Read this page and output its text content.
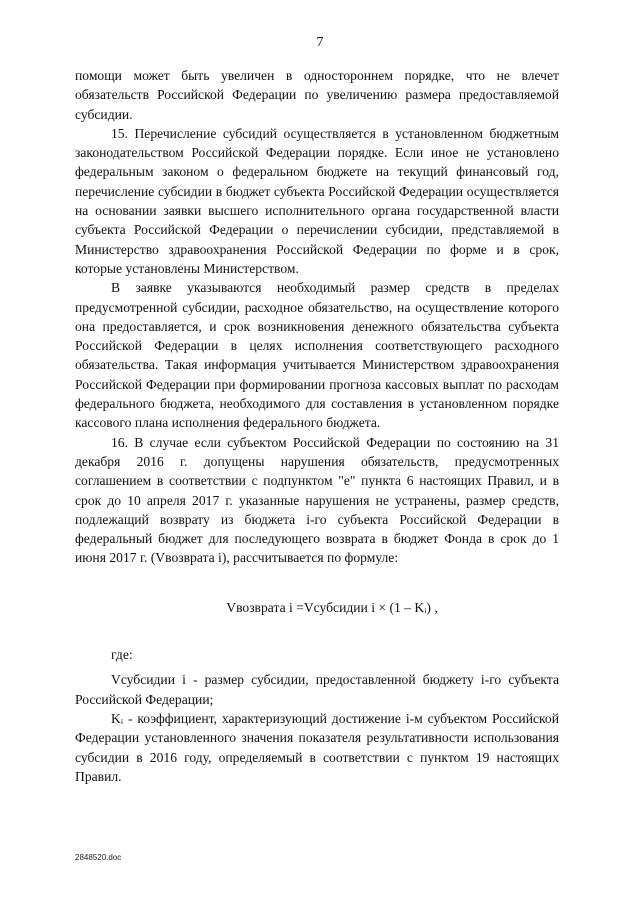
7

помощи может быть увеличен в одностороннем порядке, что не влечет обязательств Российской Федерации по увеличению размера предоставляемой субсидии.

15. Перечисление субсидий осуществляется в установленном бюджетным законодательством Российской Федерации порядке. Если иное не установлено федеральным законом о федеральном бюджете на текущий финансовый год, перечисление субсидии в бюджет субъекта Российской Федерации осуществляется на основании заявки высшего исполнительного органа государственной власти субъекта Российской Федерации о перечислении субсидии, представляемой в Министерство здравоохранения Российской Федерации по форме и в срок, которые установлены Министерством.

В заявке указываются необходимый размер средств в пределах предусмотренной субсидии, расходное обязательство, на осуществление которого она предоставляется, и срок возникновения денежного обязательства субъекта Российской Федерации в целях исполнения соответствующего расходного обязательства. Такая информация учитывается Министерством здравоохранения Российской Федерации при формировании прогноза кассовых выплат по расходам федерального бюджета, необходимого для составления в установленном порядке кассового плана исполнения федерального бюджета.

16. В случае если субъектом Российской Федерации по состоянию на 31 декабря 2016 г. допущены нарушения обязательств, предусмотренных соглашением в соответствии с подпунктом "е" пункта 6 настоящих Правил, и в срок до 10 апреля 2017 г. указанные нарушения не устранены, размер средств, подлежащий возврату из бюджета i-го субъекта Российской Федерации в федеральный бюджет для последующего возврата в бюджет Фонда в срок до 1 июня 2017 г. (Vвозврата i), рассчитывается по формуле:

Vвозврата i =Vсубсидии i × (1 – Kᵢ) ,

где:

Vсубсидии i - размер субсидии, предоставленной бюджету i-го субъекта Российской Федерации;

Kᵢ - коэффициент, характеризующий достижение i-м субъектом Российской Федерации установленного значения показателя результативности использования субсидии в 2016 году, определяемый в соответствии с пунктом 19 настоящих Правил.

2848520.doc
